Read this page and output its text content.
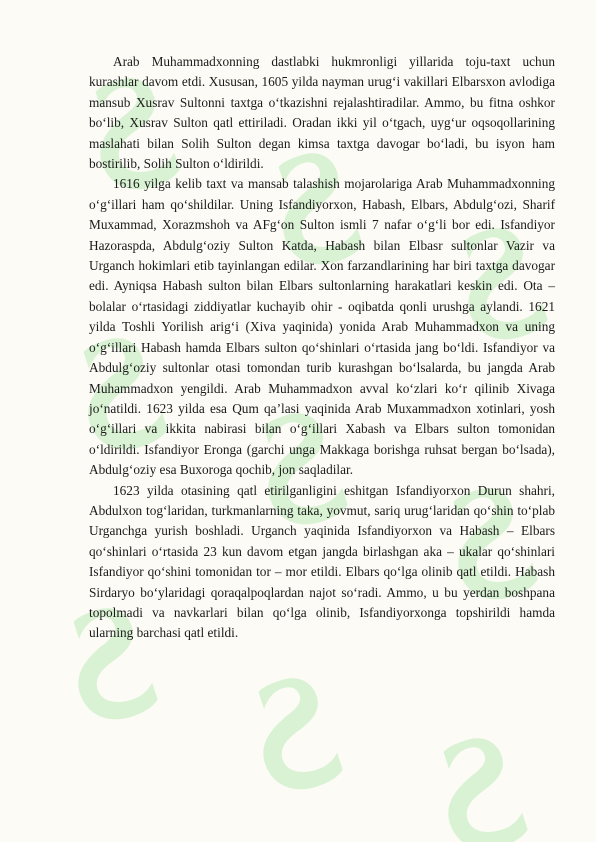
Arab Muhammadxonning dastlabki hukmronligi yillarida toju-taxt uchun kurashlar davom etdi. Xususan, 1605 yilda nayman urug‘i vakillari Elbarsxon avlodiga mansub Xusrav Sultonni taxtga o‘tkazishni rejalashtiradilar. Ammo, bu fitna oshkor bo‘lib, Xusrav Sulton qatl ettiriladi. Oradan ikki yil o‘tgach, uyg‘ur oqsoqollarining maslahati bilan Solih Sulton degan kimsa taxtga davogar bo‘ladi, bu isyon ham bostirilib, Solih Sulton o‘ldirildi.

1616 yilga kelib taxt va mansab talashish mojarolariga Arab Muhammadxonning o‘g‘illari ham qo‘shildilar. Uning Isfandiyorxon, Habash, Elbars, Abdulg‘ozi, Sharif Muxammad, Xorazmshoh va AFg‘on Sulton ismli 7 nafar o‘g‘li bor edi. Isfandiyor Hazoraspda, Abdulg‘oziy Sulton Katda, Habash bilan Elbasr sultonlar Vazir va Urganch hokimlari etib tayinlangan edilar. Xon farzandlarining har biri taxtga davogar edi. Ayniqsa Habash sulton bilan Elbars sultonlarning harakatlari keskin edi. Ota – bolalar o‘rtasidagi ziddiyatlar kuchayib ohir - oqibatda qonli urushga aylandi. 1621 yilda Toshli Yorilish arig‘i (Xiva yaqinida) yonida Arab Muhammadxon va uning o‘g‘illari Habash hamda Elbars sulton qo‘shinlari o‘rtasida jang bo‘ldi. Isfandiyor va Abdulg‘oziy sultonlar otasi tomondan turib kurashgan bo‘lsalarda, bu jangda Arab Muhammadxon yengildi. Arab Muhammadxon avval ko‘zlari ko‘r qilinib Xivaga jo‘natildi. 1623 yilda esa Qum qa’lasi yaqinida Arab Muxammadxon xotinlari, yosh o‘g‘illari va ikkita nabirasi bilan o‘g‘illari Xabash va Elbars sulton tomonidan o‘ldirildi. Isfandiyor Eronga (garchi unga Makkaga borishga ruhsat bergan bo‘lsada), Abdulg‘oziy esa Buxoroga qochib, jon saqladilar.

1623 yilda otasining qatl etirilganligini eshitgan Isfandiyorxon Durun shahri, Abdulxon tog‘laridan, turkmanlarning taka, yovmut, sariq urug‘laridan qo‘shin to‘plab Urganchga yurish boshladi. Urganch yaqinida Isfandiyorxon va Habash – Elbars qo‘shinlari o‘rtasida 23 kun davom etgan jangda birlashgan aka – ukalar qo‘shinlari Isfandiyor qo‘shini tomonidan tor – mor etildi. Elbars qo‘lga olinib qatl etildi. Habash Sirdaryo bo‘ylaridagi qoraqalpoqlardan najot so‘radi. Ammo, u bu yerdan boshpana topolmadi va navkarlari bilan qo‘lga olinib, Isfandiyorxonga topshirildi hamda ularning barchasi qatl etildi.
